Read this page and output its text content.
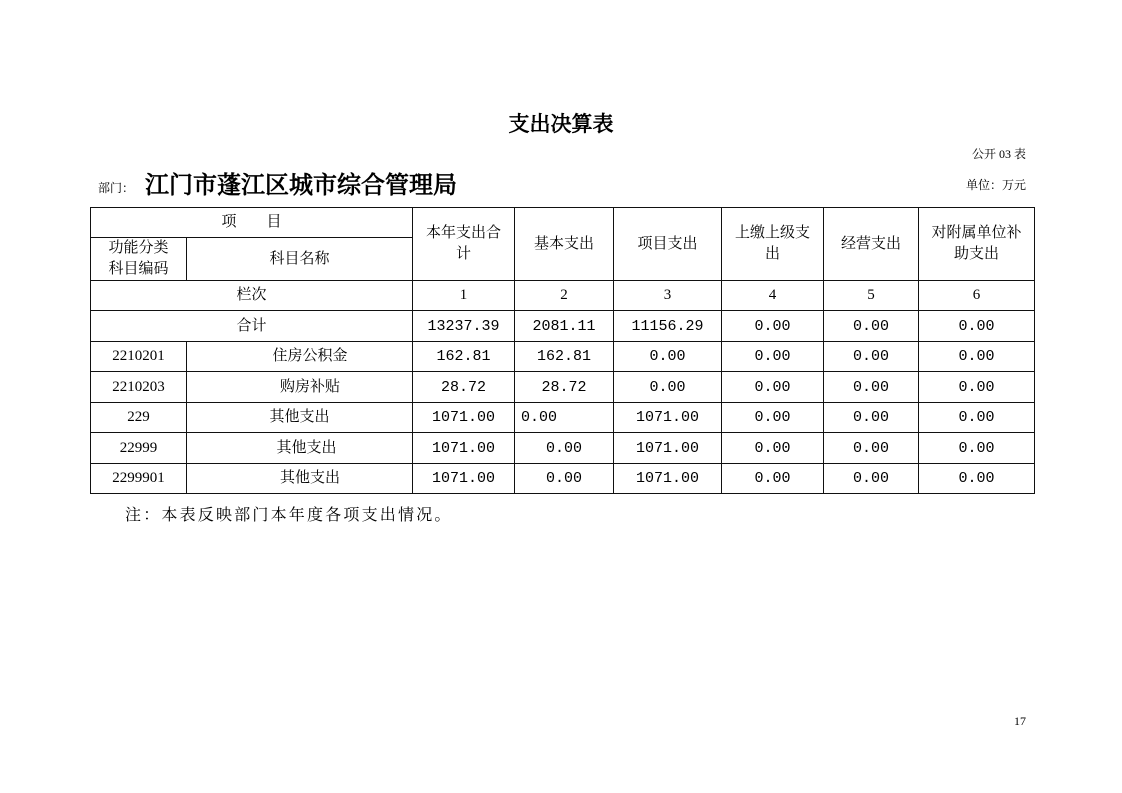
支出决算表
公开 03 表
部门： 江门市蓬江区城市综合管理局	单位：万元
项　　目		本年支出合计	基本支出	项目支出	上缴上级支出	经营支出	对附属单位补助支出
功能分类科目编码	科目名称						
栏次		1	2	3	4	5	6
合计		13237.39	2081.11	11156.29	0.00	0.00	0.00
2210201	住房公积金	162.81	162.81	0.00	0.00	0.00	0.00
2210203	购房补贴	28.72	28.72	0.00	0.00	0.00	0.00
229	其他支出	1071.00	0.00	1071.00	0.00	0.00	0.00
22999	其他支出	1071.00	0.00	1071.00	0.00	0.00	0.00
2299901	其他支出	1071.00	0.00	1071.00	0.00	0.00	0.00
注：本表反映部门本年度各项支出情况。
17
